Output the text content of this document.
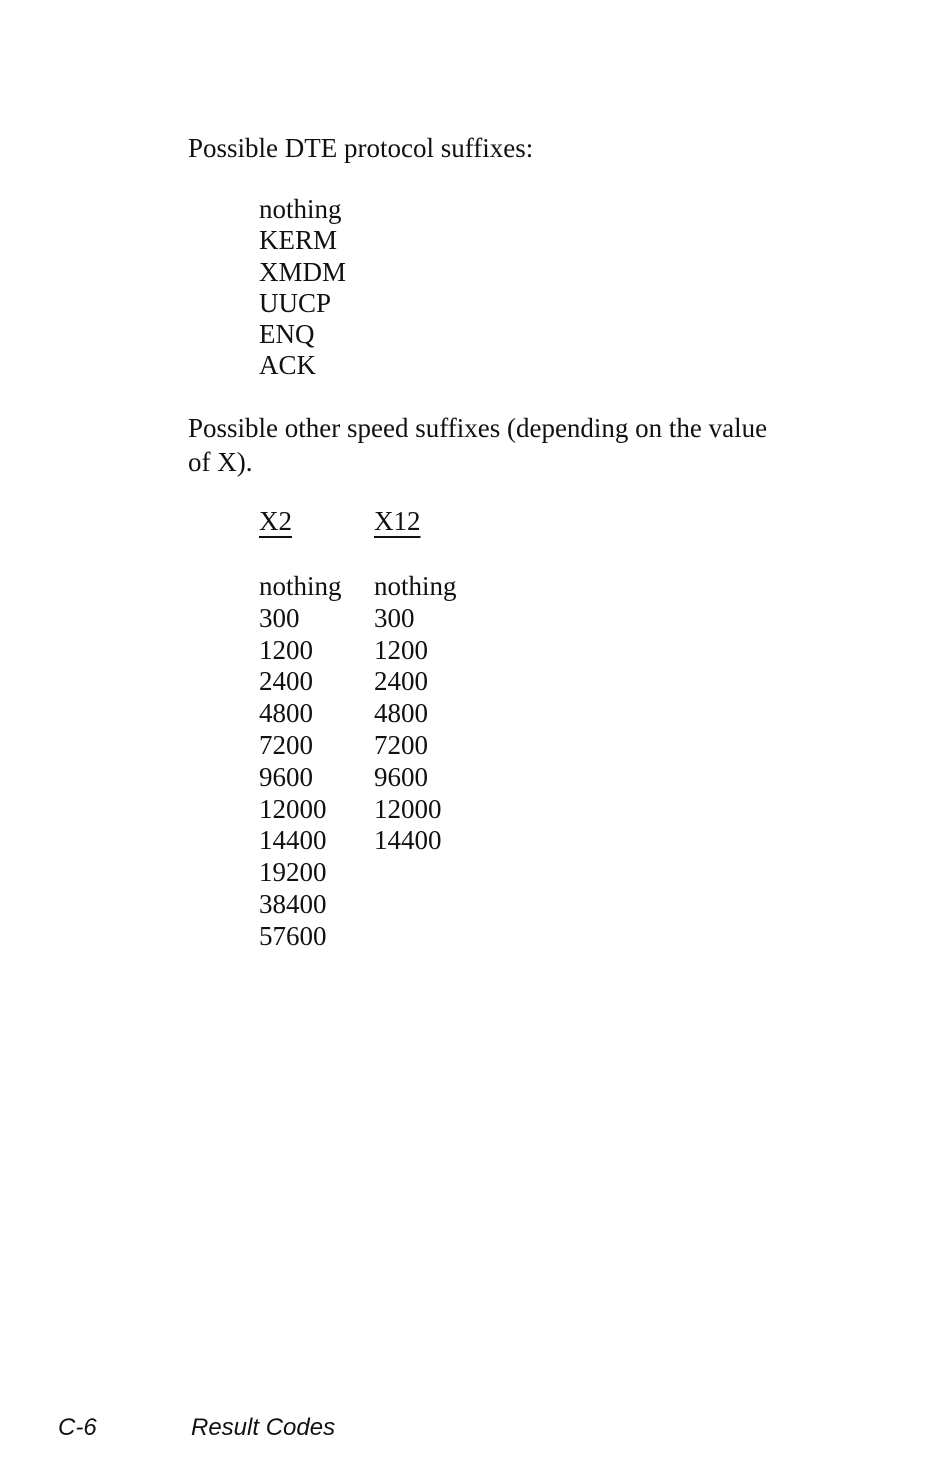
Possible DTE protocol suffixes:

nothing
KERM
XMDM
UUCP
ENQ
ACK

Possible other speed suffixes (depending on the value of X).

X2
nothing
300
1200
2400
4800
7200
9600
12000
14400
19200
38400
57600
X12
nothing
300
1200
2400
4800
7200
9600
12000
14400
C-6	Result Codes
